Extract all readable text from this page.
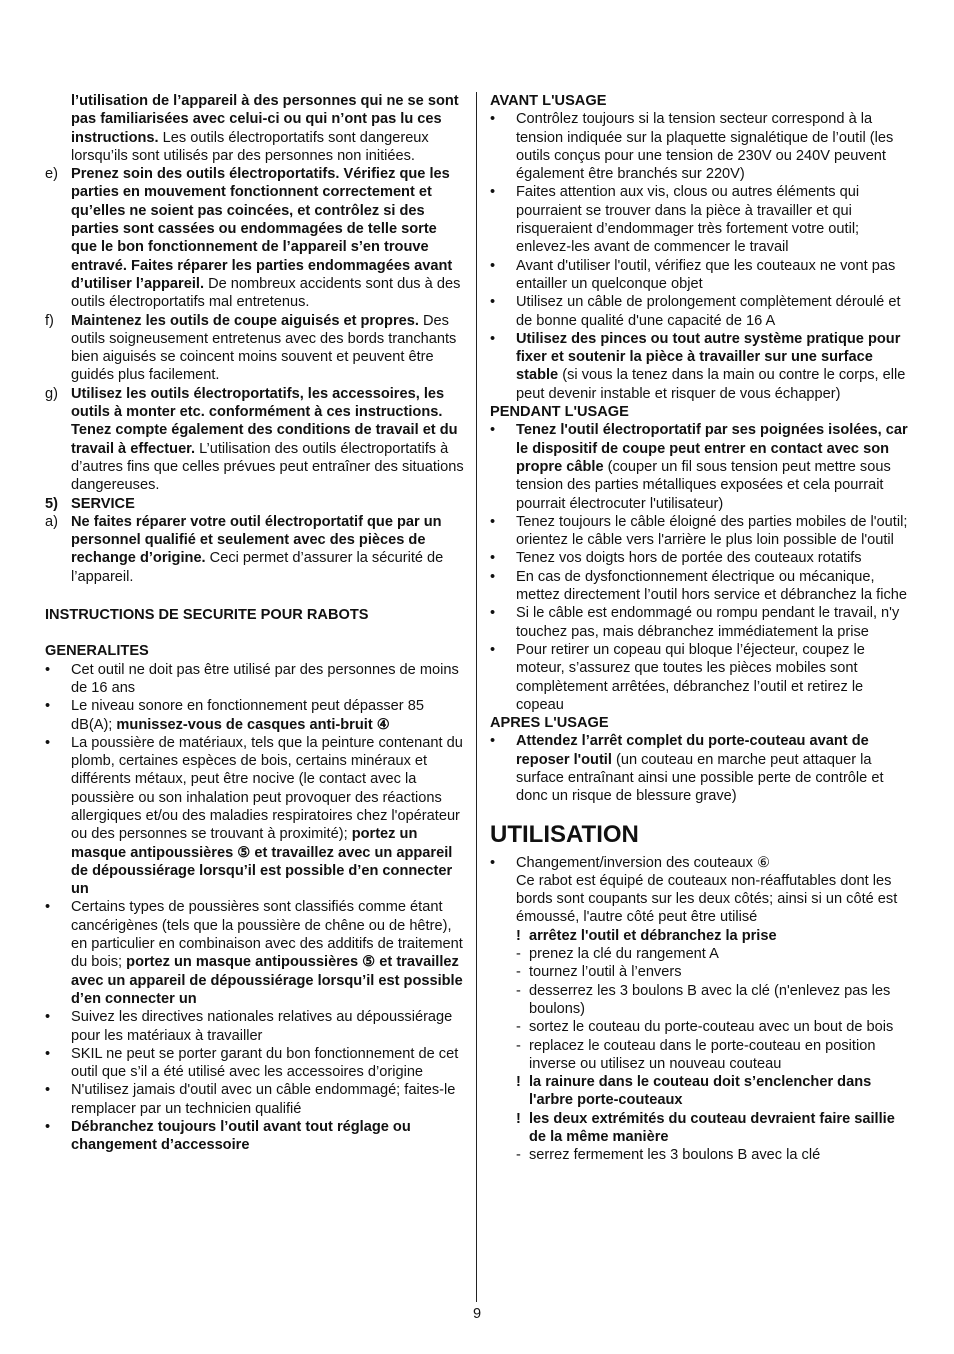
l’utilisation de l’appareil à des personnes qui ne se sont pas familiarisées avec celui-ci ou qui n’ont pas lu ces instructions. Les outils électroportatifs sont dangereux lorsqu’ils sont utilisés par des personnes non initiées.
e) Prenez soin des outils électroportatifs. Vérifiez que les parties en mouvement fonctionnent correctement et qu’elles ne soient pas coincées, et contrôlez si des parties sont cassées ou endommagées de telle sorte que le bon fonctionnement de l’appareil s’en trouve entravé. Faites réparer les parties endommagées avant d’utiliser l’appareil. De nombreux accidents sont dus à des outils électroportatifs mal entretenus.
f) Maintenez les outils de coupe aiguisés et propres. Des outils soigneusement entretenus avec des bords tranchants bien aiguisés se coincent moins souvent et peuvent être guidés plus facilement.
g) Utilisez les outils électroportatifs, les accessoires, les outils à monter etc. conformément à ces instructions. Tenez compte également des conditions de travail et du travail à effectuer. L’utilisation des outils électroportatifs à d’autres fins que celles prévues peut entraîner des situations dangereuses.
5) SERVICE
a) Ne faites réparer votre outil électroportatif que par un personnel qualifié et seulement avec des pièces de rechange d’origine. Ceci permet d’assurer la sécurité de l’appareil.
INSTRUCTIONS DE SECURITE POUR RABOTS
GENERALITES
• Cet outil ne doit pas être utilisé par des personnes de moins de 16 ans
• Le niveau sonore en fonctionnement peut dépasser 85 dB(A); munissez-vous de casques anti-bruit ④
• La poussière de matériaux, tels que la peinture contenant du plomb, certaines espèces de bois, certains minéraux et différents métaux, peut être nocive (le contact avec la poussière ou son inhalation peut provoquer des réactions allergiques et/ou des maladies respiratoires chez l'opérateur ou des personnes se trouvant à proximité); portez un masque antipoussières ⑤ et travaillez avec un appareil de dépoussiérage lorsqu’il est possible d’en connecter un
• Certains types de poussières sont classifiés comme étant cancérigènes (tels que la poussière de chêne ou de hêtre), en particulier en combinaison avec des additifs de traitement du bois; portez un masque antipoussières ⑤ et travaillez avec un appareil de dépoussiérage lorsqu’il est possible d’en connecter un
• Suivez les directives nationales relatives au dépoussiérage pour les matériaux à travailler
• SKIL ne peut se porter garant du bon fonctionnement de cet outil que s’il a été utilisé avec les accessoires d’origine
• N'utilisez jamais d'outil avec un câble endommagé; faites-le remplacer par un technicien qualifié
• Débranchez toujours l’outil avant tout réglage ou changement d’accessoire
AVANT L'USAGE
• Contrôlez toujours si la tension secteur correspond à la tension indiquée sur la plaquette signalétique de l’outil (les outils conçus pour une tension de 230V ou 240V peuvent également être branchés sur 220V)
• Faites attention aux vis, clous ou autres éléments qui pourraient se trouver dans la pièce à travailler et qui risqueraient d’endommager très fortement votre outil; enlevez-les avant de commencer le travail
• Avant d'utiliser l'outil, vérifiez que les couteaux ne vont pas entailler un quelconque objet
• Utilisez un câble de prolongement complètement déroulé et de bonne qualité d'une capacité de 16 A
• Utilisez des pinces ou tout autre système pratique pour fixer et soutenir la pièce à travailler sur une surface stable (si vous la tenez dans la main ou contre le corps, elle peut devenir instable et risquer de vous échapper)
PENDANT L'USAGE
• Tenez l'outil électroportatif par ses poignées isolées, car le dispositif de coupe peut entrer en contact avec son propre câble (couper un fil sous tension peut mettre sous tension des parties métalliques exposées et cela pourrait pourrait électrocuter l'utilisateur)
• Tenez toujours le câble éloigné des parties mobiles de l'outil; orientez le câble vers l'arrière le plus loin possible de l'outil
• Tenez vos doigts hors de portée des couteaux rotatifs
• En cas de dysfonctionnement électrique ou mécanique, mettez directement l’outil hors service et débranchez la fiche
• Si le câble est endommagé ou rompu pendant le travail, n'y touchez pas, mais débranchez immédiatement la prise
• Pour retirer un copeau qui bloque l’éjecteur, coupez le moteur, s’assurez que toutes les pièces mobiles sont complètement arrêtées, débranchez l’outil et retirez le copeau
APRES L'USAGE
• Attendez l’arrêt complet du porte-couteau avant de reposer l'outil (un couteau en marche peut attaquer la surface entraînant ainsi une possible perte de contrôle et donc un risque de blessure grave)
UTILISATION
• Changement/inversion des couteaux ⑥
Ce rabot est équipé de couteaux non-réaffutables dont les bords sont coupants sur les deux côtés; ainsi si un côté est émoussé, l'autre côté peut être utilisé
! arrêtez l'outil et débranchez la prise
- prenez la clé du rangement A
- tournez l’outil à l’envers
- desserrez les 3 boulons B avec la clé (n'enlevez pas les boulons)
- sortez le couteau du porte-couteau avec un bout de bois
- replacez le couteau dans le porte-couteau en position inverse ou utilisez un nouveau couteau
! la rainure dans le couteau doit s’enclencher dans l'arbre porte-couteaux
! les deux extrémités du couteau devraient faire saillie de la même manière
- serrez fermement les 3 boulons B avec la clé
9
